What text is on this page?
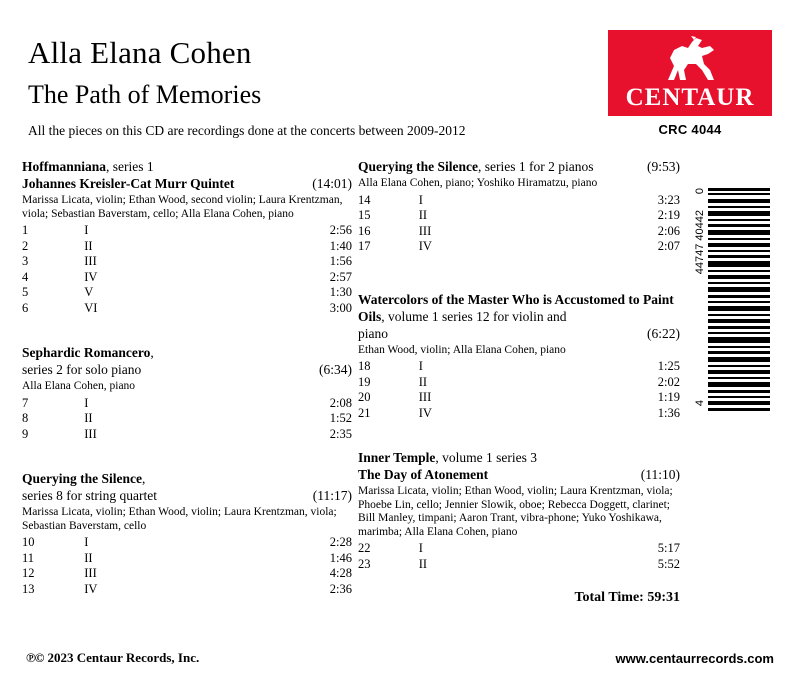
Alla Elana Cohen
The Path of Memories
All the pieces on this CD are recordings done at the concerts between 2009-2012
CENTAUR
CRC 4044
0
44747 40442
4
Hoffmanniana, series 1
Johannes Kreisler-Cat Murr Quintet	(14:01)
Marissa Licata, violin; Ethan Wood, second violin; Laura Krentzman, viola; Sebastian Baverstam, cello; Alla Elana Cohen, piano
1	I	2:56
2	II	1:40
3	III	1:56
4	IV	2:57
5	V	1:30
6	VI	3:00
Sephardic Romancero,
series 2 for solo piano	(6:34)
Alla Elana Cohen, piano
7	I	2:08
8	II	1:52
9	III	2:35
Querying the Silence,
series 8 for string quartet	(11:17)
Marissa Licata, violin; Ethan Wood, violin; Laura Krentzman, viola; Sebastian Baverstam, cello
10	I	2:28
11	II	1:46
12	III	4:28
13	IV	2:36
Querying the Silence, series 1 for 2 pianos	(9:53)
Alla Elana Cohen, piano; Yoshiko Hiramatzu, piano
14	I	3:23
15	II	2:19
16	III	2:06
17	IV	2:07
Watercolors of the Master Who is Accustomed to Paint Oils, volume 1 series 12 for violin and
piano	(6:22)
Ethan Wood, violin; Alla Elana Cohen, piano
18	I	1:25
19	II	2:02
20	III	1:19
21	IV	1:36
Inner Temple, volume 1 series 3
The Day of Atonement	(11:10)
Marissa Licata, violin; Ethan Wood, violin; Laura Krentzman, viola; Phoebe Lin, cello; Jennier Slowik, oboe; Rebecca Doggett, clarinet; Bill Manley, timpani; Aaron Trant, vibra-phone; Yuko Yoshikawa, marimba; Alla Elana Cohen, piano
22	I	5:17
23	II	5:52
Total Time: 59:31
℗© 2023 Centaur Records, Inc.	www.centaurrecords.com
